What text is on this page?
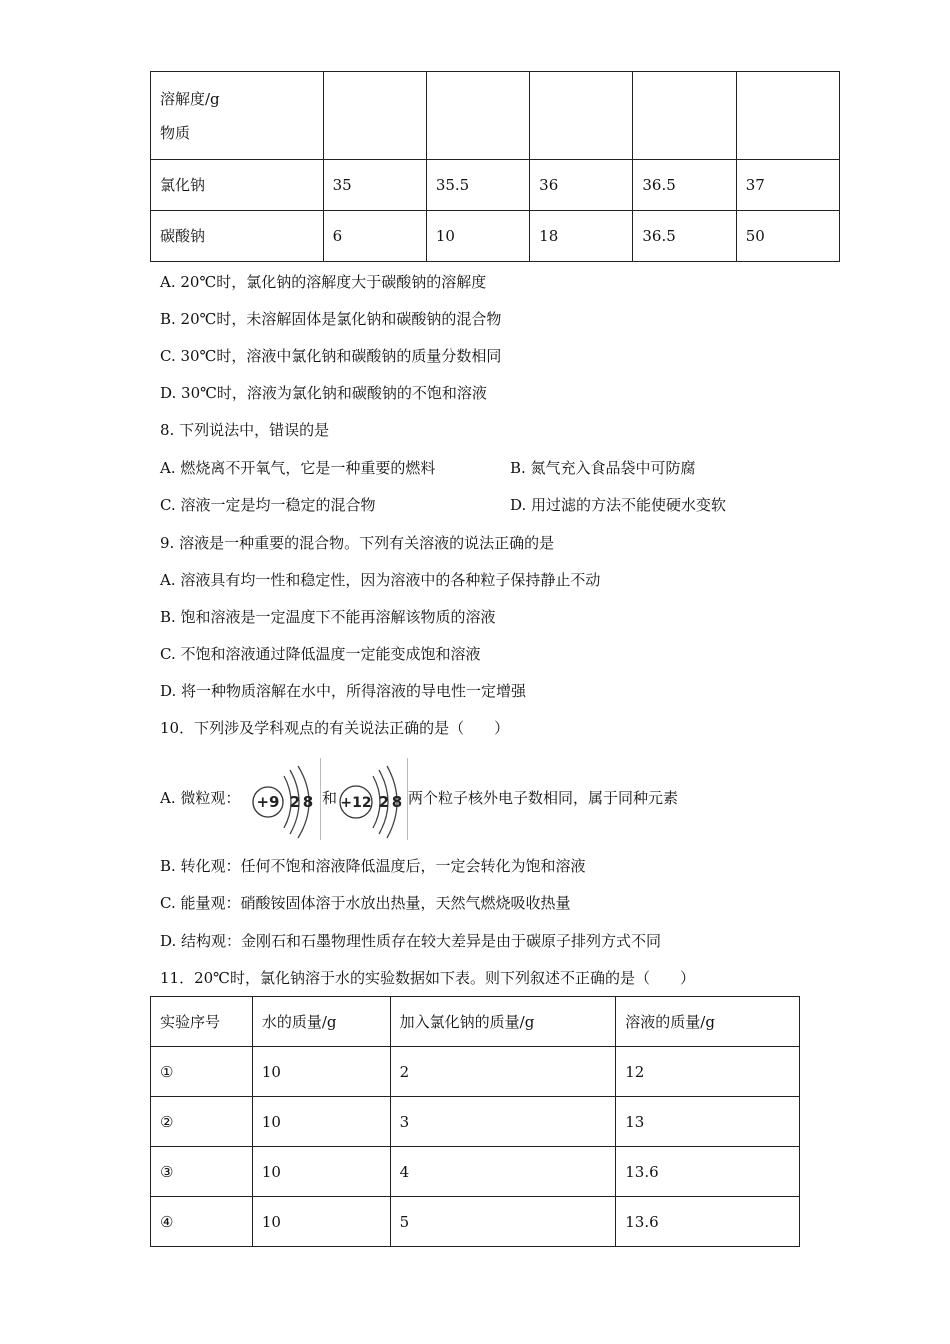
溶解度/g
物质					

氯化钠	35	35.5	36	36.5	37
碳酸钠	6	10	18	36.5	50
A. 20℃时，氯化钠的溶解度大于碳酸钠的溶解度
B. 20℃时，未溶解固体是氯化钠和碳酸钠的混合物
C. 30℃时，溶液中氯化钠和碳酸钠的质量分数相同
D. 30℃时，溶液为氯化钠和碳酸钠的不饱和溶液
8. 下列说法中，错误的是
A. 燃烧离不开氧气，它是一种重要的燃料	B. 氮气充入食品袋中可防腐
C. 溶液一定是均一稳定的混合物	D. 用过滤的方法不能使硬水变软
9. 溶液是一种重要的混合物。下列有关溶液的说法正确的是
A. 溶液具有均一性和稳定性，因为溶液中的各种粒子保持静止不动
B. 饱和溶液是一定温度下不能再溶解该物质的溶液
C. 不饱和溶液通过降低温度一定能变成饱和溶液
D. 将一种物质溶解在水中，所得溶液的导电性一定增强
10．下列涉及学科观点的有关说法正确的是（　　）
A. 微粒观： +9 2 8 和 +12 2 8 两个粒子核外电子数相同，属于同种元素
B. 转化观：任何不饱和溶液降低温度后，一定会转化为饱和溶液
C. 能量观：硝酸铵固体溶于水放出热量，天然气燃烧吸收热量
D. 结构观：金刚石和石墨物理性质存在较大差异是由于碳原子排列方式不同
11．20℃时，氯化钠溶于水的实验数据如下表。则下列叙述不正确的是（　　）
实验序号	水的质量/g	加入氯化钠的质量/g	溶液的质量/g
①	10	2	12
②	10	3	13
③	10	4	13.6
④	10	5	13.6
